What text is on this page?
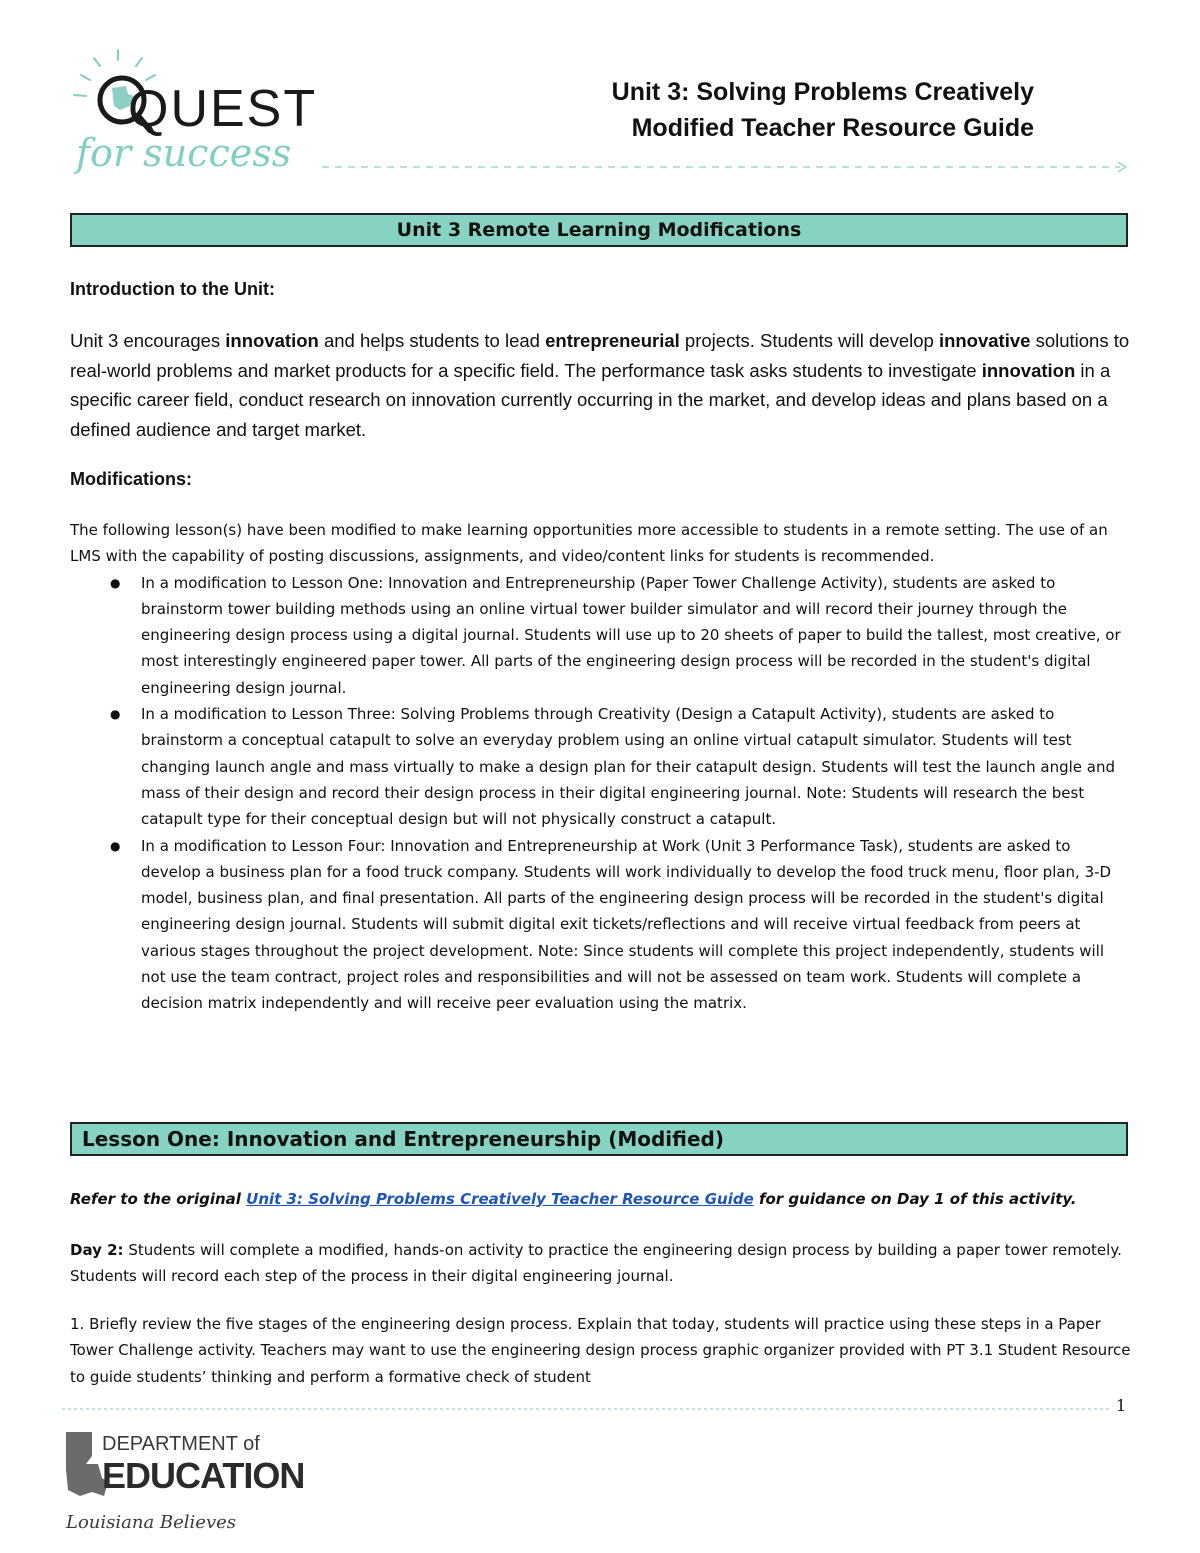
QUEST
for success
Unit 3: Solving Problems Creatively
Modified Teacher Resource Guide
Unit 3 Remote Learning Modifications
Introduction to the Unit:
Unit 3 encourages innovation and helps students to lead entrepreneurial projects. Students will develop innovative solutions to real-world problems and market products for a specific field. The performance task asks students to investigate innovation in a specific career field, conduct research on innovation currently occurring in the market, and develop ideas and plans based on a defined audience and target market.
Modifications:
The following lesson(s) have been modified to make learning opportunities more accessible to students in a remote setting. The use of an LMS with the capability of posting discussions, assignments, and video/content links for students is recommended.
● In a modification to Lesson One: Innovation and Entrepreneurship (Paper Tower Challenge Activity), students are asked to brainstorm tower building methods using an online virtual tower builder simulator and will record their journey through the engineering design process using a digital journal. Students will use up to 20 sheets of paper to build the tallest, most creative, or most interestingly engineered paper tower. All parts of the engineering design process will be recorded in the student's digital engineering design journal.
● In a modification to Lesson Three: Solving Problems through Creativity (Design a Catapult Activity), students are asked to brainstorm a conceptual catapult to solve an everyday problem using an online virtual catapult simulator. Students will test changing launch angle and mass virtually to make a design plan for their catapult design. Students will test the launch angle and mass of their design and record their design process in their digital engineering journal. Note: Students will research the best catapult type for their conceptual design but will not physically construct a catapult.
● In a modification to Lesson Four: Innovation and Entrepreneurship at Work (Unit 3 Performance Task), students are asked to develop a business plan for a food truck company. Students will work individually to develop the food truck menu, floor plan, 3-D model, business plan, and final presentation. All parts of the engineering design process will be recorded in the student's digital engineering design journal. Students will submit digital exit tickets/reflections and will receive virtual feedback from peers at various stages throughout the project development. Note: Since students will complete this project independently, students will not use the team contract, project roles and responsibilities and will not be assessed on team work. Students will complete a decision matrix independently and will receive peer evaluation using the matrix.
Lesson One: Innovation and Entrepreneurship (Modified)
Refer to the original Unit 3: Solving Problems Creatively Teacher Resource Guide for guidance on Day 1 of this activity.
Day 2: Students will complete a modified, hands-on activity to practice the engineering design process by building a paper tower remotely. Students will record each step of the process in their digital engineering journal.
1. Briefly review the five stages of the engineering design process. Explain that today, students will practice using these steps in a Paper Tower Challenge activity. Teachers may want to use the engineering design process graphic organizer provided with PT 3.1 Student Resource to guide students’ thinking and perform a formative check of student
1
DEPARTMENT of
EDUCATION
Louisiana Believes
